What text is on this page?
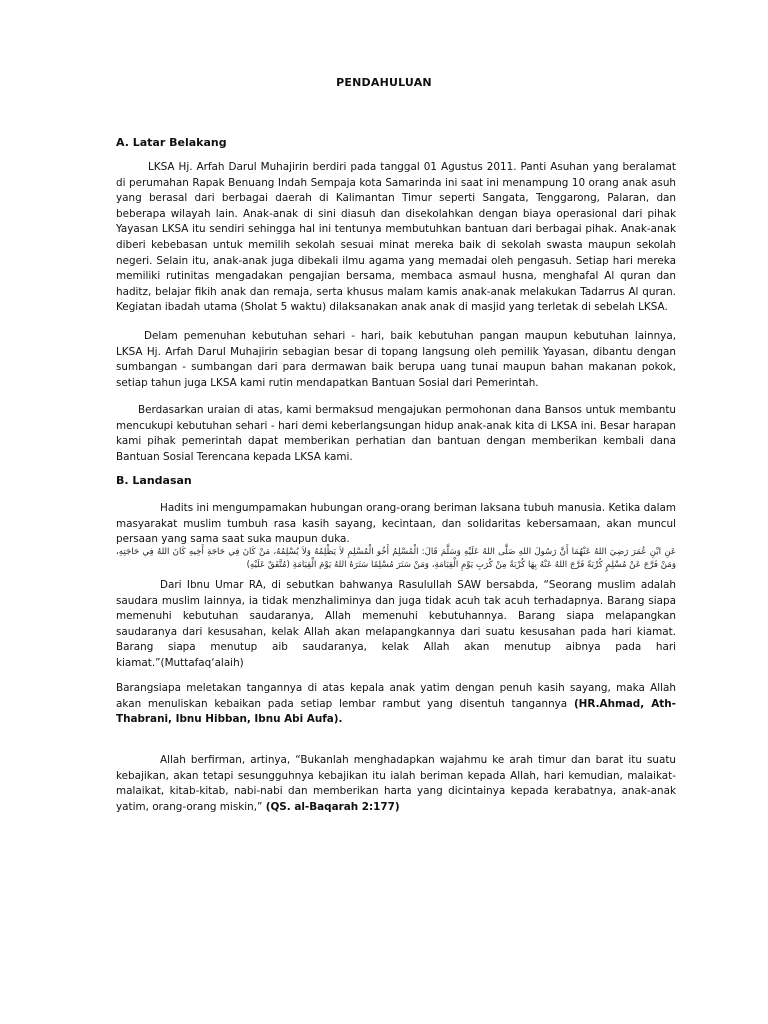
PENDAHULUAN
A. Latar Belakang

LKSA Hj. Arfah Darul Muhajirin berdiri pada tanggal 01 Agustus 2011. Panti Asuhan yang beralamat di perumahan Rapak Benuang Indah Sempaja kota Samarinda ini saat ini menampung 10 orang anak asuh yang berasal dari berbagai daerah di Kalimantan Timur seperti Sangata, Tenggarong, Palaran, dan beberapa wilayah lain. Anak-anak di sini diasuh dan disekolahkan dengan biaya operasional dari pihak Yayasan LKSA itu sendiri sehingga hal ini tentunya membutuhkan bantuan dari berbagai pihak. Anak-anak diberi kebebasan untuk memilih sekolah sesuai minat mereka baik di sekolah swasta maupun sekolah negeri. Selain itu, anak-anak juga dibekali ilmu agama yang memadai oleh pengasuh. Setiap hari mereka memiliki rutinitas mengadakan pengajian bersama, membaca asmaul husna, menghafal Al quran dan haditz, belajar fikih anak dan remaja, serta khusus malam kamis anak-anak melakukan Tadarrus Al quran. Kegiatan ibadah utama (Sholat 5 waktu) dilaksanakan anak anak di masjid yang terletak di sebelah LKSA.

Delam pemenuhan kebutuhan sehari - hari, baik kebutuhan pangan maupun kebutuhan lainnya, LKSA Hj. Arfah Darul Muhajirin sebagian besar di topang langsung oleh pemilik Yayasan, dibantu dengan sumbangan - sumbangan dari para dermawan baik berupa uang tunai maupun bahan makanan pokok, setiap tahun juga LKSA kami rutin mendapatkan Bantuan Sosial dari Pemerintah.

Berdasarkan uraian di atas, kami bermaksud mengajukan permohonan dana Bansos untuk membantu mencukupi kebutuhan sehari - hari demi keberlangsungan hidup anak-anak kita di LKSA ini. Besar harapan kami pihak pemerintah dapat memberikan perhatian dan bantuan dengan memberikan kembali dana Bantuan Sosial Terencana kepada LKSA kami.

B. Landasan

Hadits ini mengumpamakan hubungan orang-orang beriman laksana tubuh manusia. Ketika dalam masyarakat muslim tumbuh rasa kasih sayang, kecintaan, dan solidaritas kebersamaan, akan muncul persaan yang sama saat suka maupun duka.

عَنِ ابْنِ عُمَرَ رَضِيَ اللهُ عَنْهُمَا أَنَّ رَسُولَ اللهِ صَلَّى اللهُ عَلَيْهِ وَسَلَّمَ قَالَ: الْمُسْلِمُ أَخُو الْمُسْلِمِ لاَ يَظْلِمُهُ وَلاَ يُسْلِمُهُ، مَنْ كَانَ فِي حَاجَةِ أَخِيهِ كَانَ اللهُ فِي حَاجَتِهِ، وَمَنْ فَرَّجَ عَنْ مُسْلِمٍ كُرْبَةً فَرَّجَ اللهُ عَنْهُ بِهَا كُرْبَةً مِنْ كُرَبِ يَوْمِ الْقِيَامَةِ، وَمَنْ سَتَرَ مُسْلِمًا سَتَرَهُ اللهُ يَوْمَ الْقِيَامَةِ (مُتَّفَقٌ عَلَيْهِ)

Dari Ibnu Umar RA, di sebutkan bahwanya Rasulullah SAW bersabda, “Seorang muslim adalah saudara muslim lainnya, ia tidak menzhaliminya dan juga tidak acuh tak acuh terhadapnya. Barang siapa memenuhi kebutuhan saudaranya, Allah memenuhi kebutuhannya. Barang siapa melapangkan saudaranya dari kesusahan, kelak Allah akan melapangkannya dari suatu kesusahan pada hari kiamat. Barang siapa menutup aib saudaranya, kelak Allah akan menutup aibnya pada hari kiamat.”(Muttafaq‘alaih)

Barangsiapa meletakan tangannya di atas kepala anak yatim dengan penuh kasih sayang, maka Allah akan menuliskan kebaikan pada setiap lembar rambut yang disentuh tangannya (HR.Ahmad, Ath-Thabrani, Ibnu Hibban, Ibnu Abi Aufa).

Allah berfirman, artinya, “Bukanlah menghadapkan wajahmu ke arah timur dan barat itu suatu kebajikan, akan tetapi sesungguhnya kebajikan itu ialah beriman kepada Allah, hari kemudian, malaikat-malaikat, kitab-kitab, nabi-nabi dan memberikan harta yang dicintainya kepada kerabatnya, anak-anak yatim, orang-orang miskin,” (QS. al-Baqarah 2:177)
